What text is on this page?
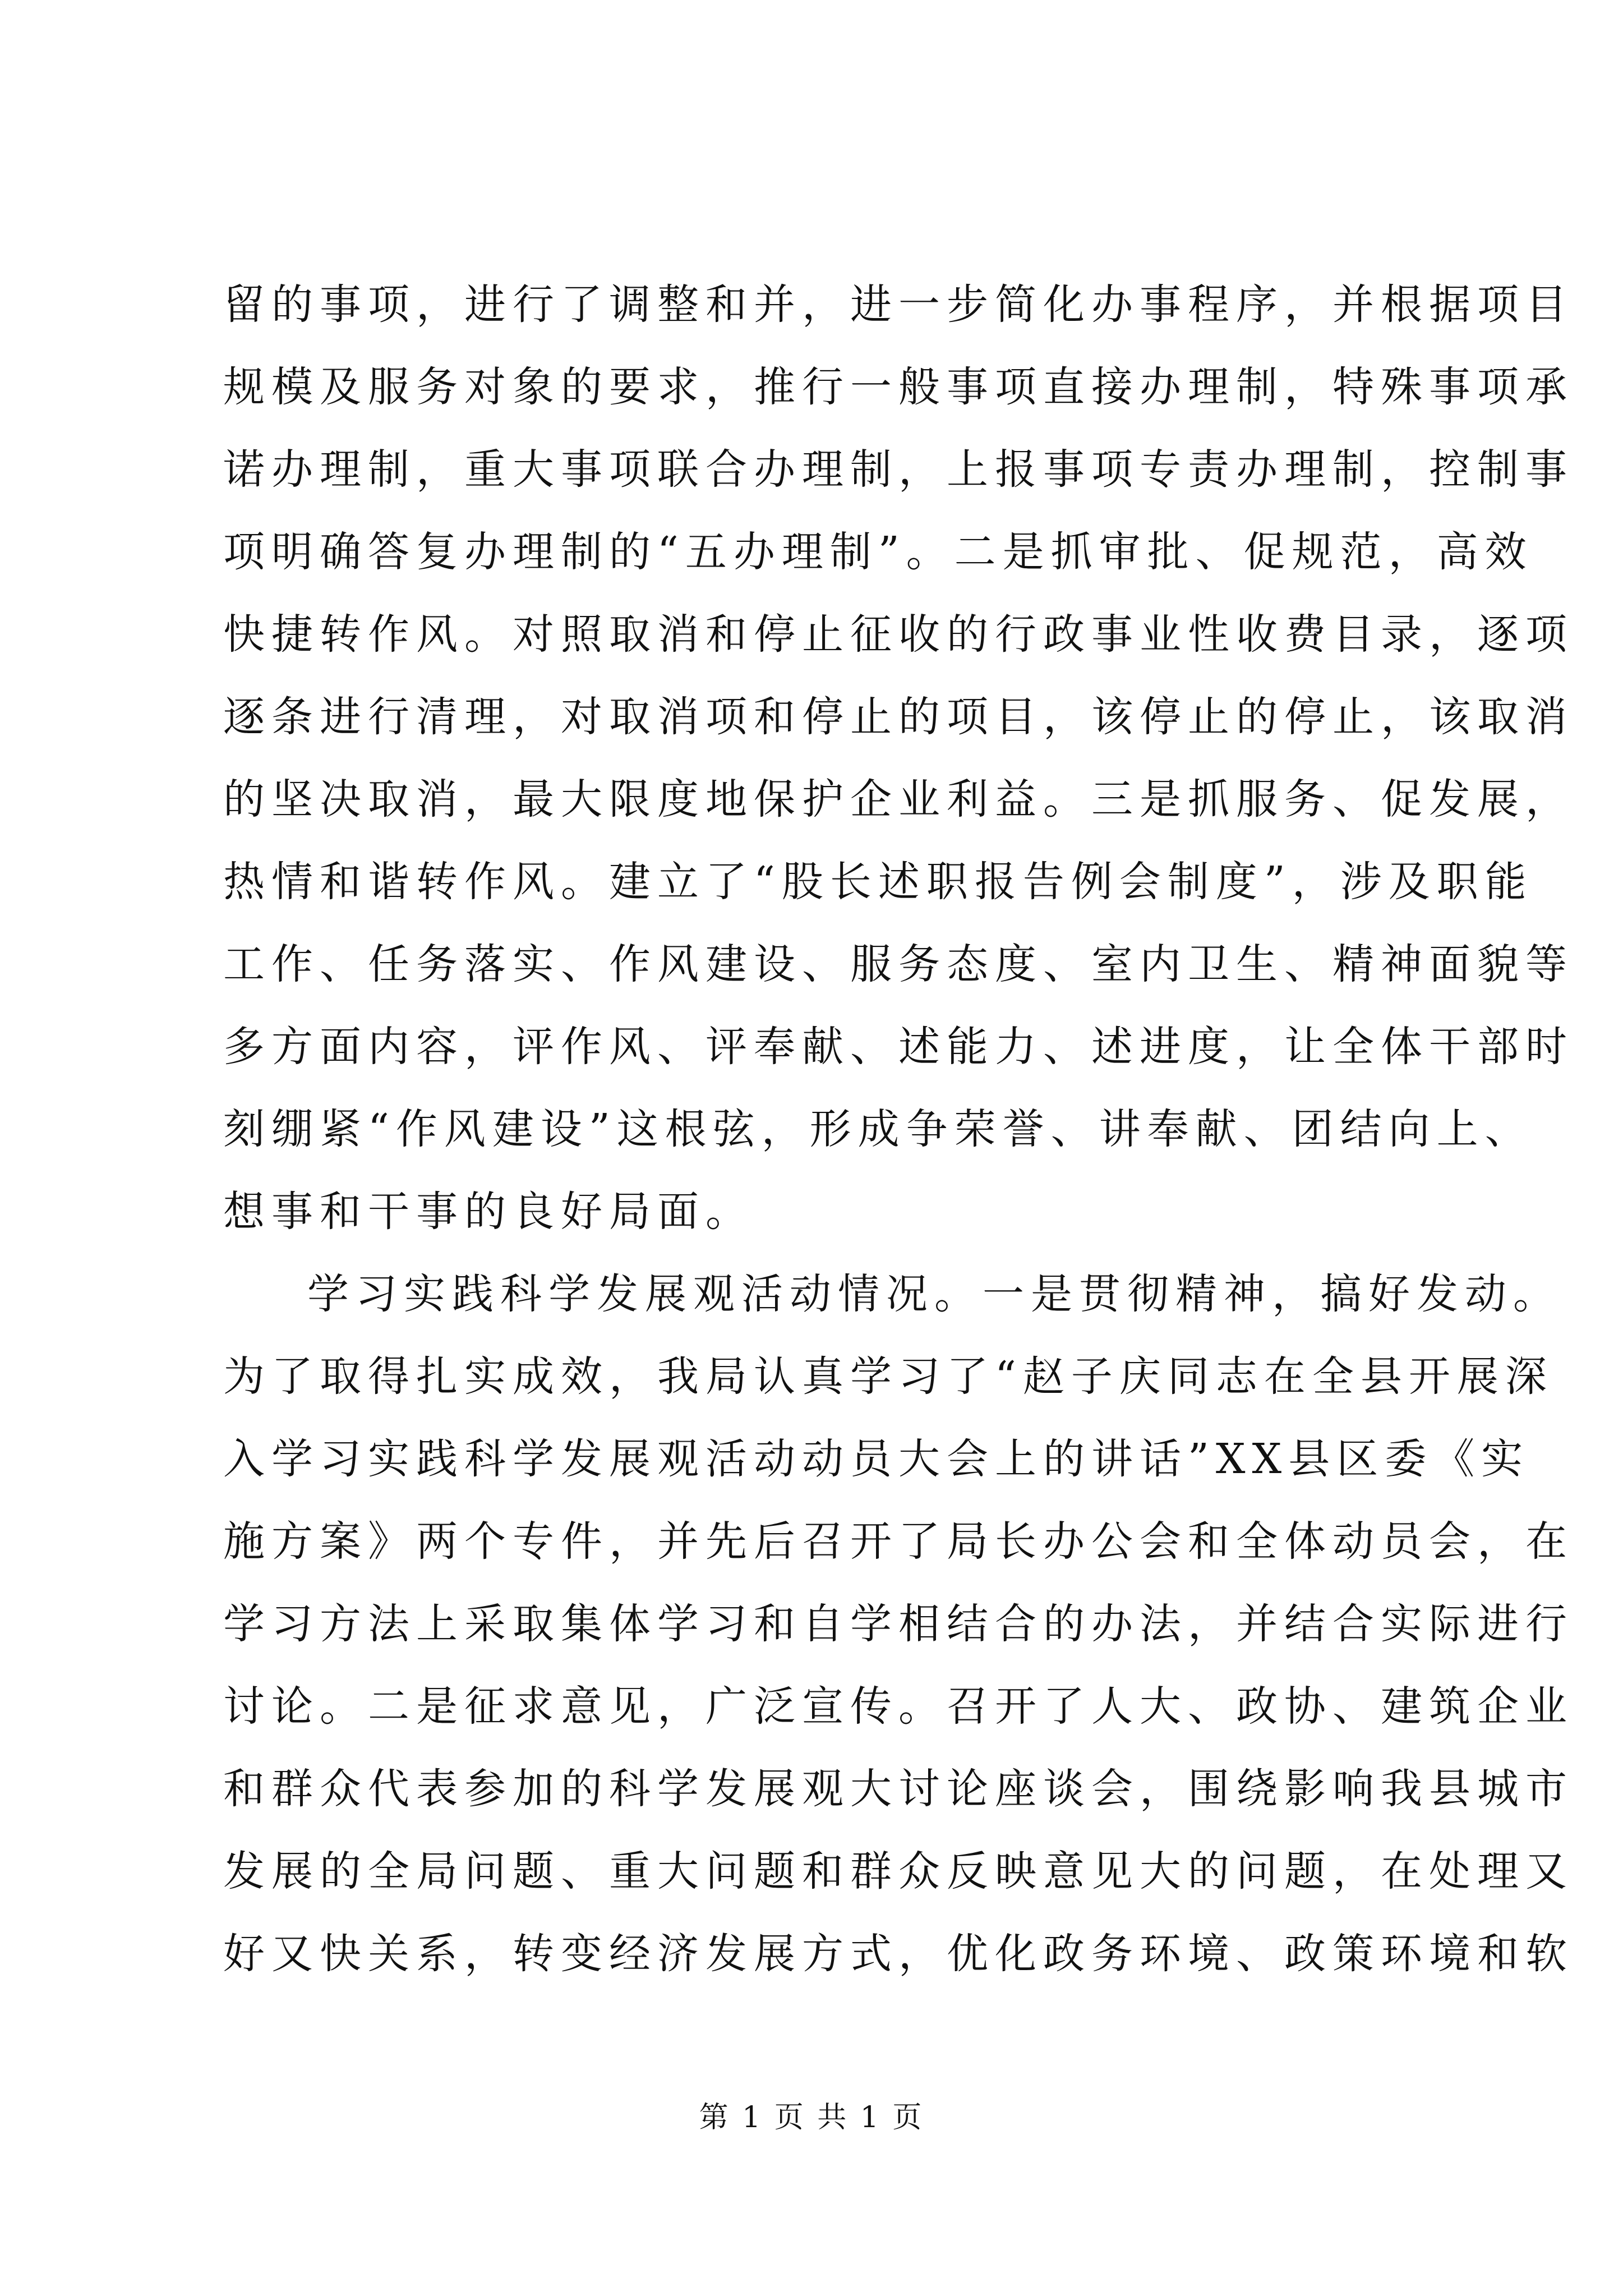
留的事项，进行了调整和并，进一步简化办事程序，并根据项目
规模及服务对象的要求，推行一般事项直接办理制，特殊事项承
诺办理制，重大事项联合办理制，上报事项专责办理制，控制事
项明确答复办理制的“五办理制”。二是抓审批、促规范，高效
快捷转作风。对照取消和停止征收的行政事业性收费目录，逐项
逐条进行清理，对取消项和停止的项目，该停止的停止，该取消
的坚决取消，最大限度地保护企业利益。三是抓服务、促发展，
热情和谐转作风。建立了“股长述职报告例会制度”，涉及职能
工作、任务落实、作风建设、服务态度、室内卫生、精神面貌等
多方面内容，评作风、评奉献、述能力、述进度，让全体干部时
刻绷紧“作风建设”这根弦，形成争荣誉、讲奉献、团结向上、
想事和干事的良好局面。

学习实践科学发展观活动情况。一是贯彻精神，搞好发动。
为了取得扎实成效，我局认真学习了“赵子庆同志在全县开展深
入学习实践科学发展观活动动员大会上的讲话”XX县区委《实
施方案》两个专件，并先后召开了局长办公会和全体动员会，在
学习方法上采取集体学习和自学相结合的办法，并结合实际进行
讨论。二是征求意见，广泛宣传。召开了人大、政协、建筑企业
和群众代表参加的科学发展观大讨论座谈会，围绕影响我县城市
发展的全局问题、重大问题和群众反映意见大的问题，在处理又
好又快关系，转变经济发展方式，优化政务环境、政策环境和软

第 1 页 共 1 页
